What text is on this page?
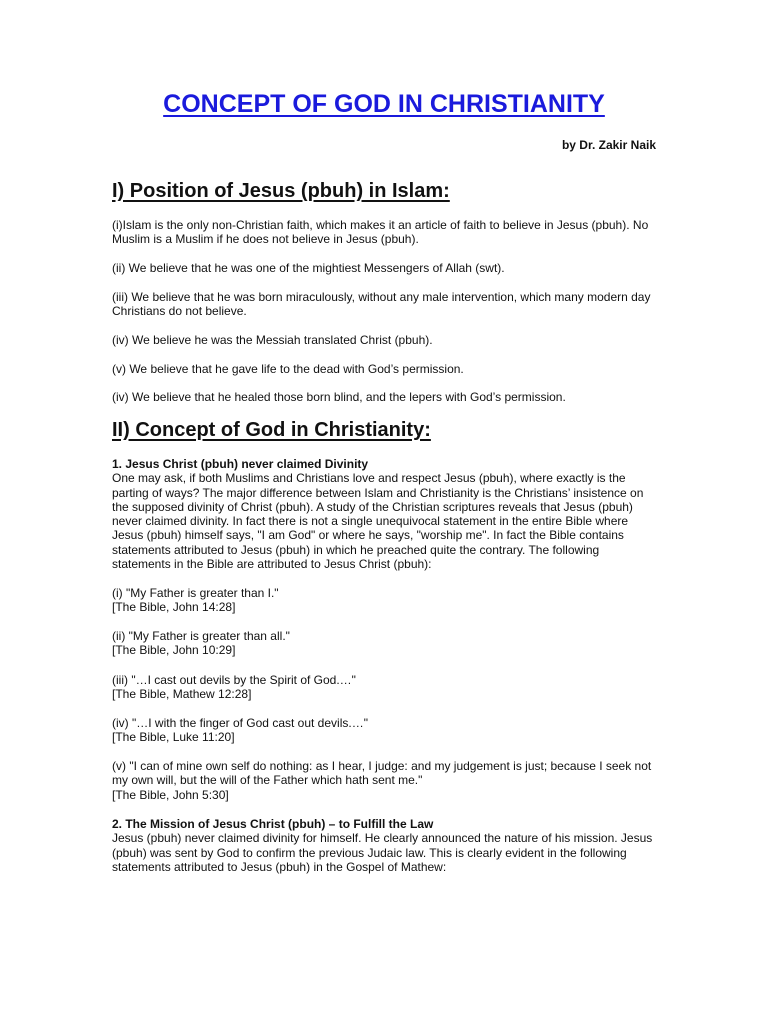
CONCEPT OF GOD IN CHRISTIANITY

by Dr. Zakir Naik

I) Position of Jesus (pbuh) in Islam:

(i)Islam is the only non-Christian faith, which makes it an article of faith to believe in Jesus (pbuh). No Muslim is a Muslim if he does not believe in Jesus (pbuh).

(ii) We believe that he was one of the mightiest Messengers of Allah (swt).

(iii) We believe that he was born miraculously, without any male intervention, which many modern day Christians do not believe.

(iv) We believe he was the Messiah translated Christ (pbuh).

(v) We believe that he gave life to the dead with God’s permission.

(iv) We believe that he healed those born blind, and the lepers with God’s permission.

II) Concept of God in Christianity:
1. Jesus Christ (pbuh) never claimed Divinity
One may ask, if both Muslims and Christians love and respect Jesus (pbuh), where exactly is the parting of ways? The major difference between Islam and Christianity is the Christians’ insistence on the supposed divinity of Christ (pbuh). A study of the Christian scriptures reveals that Jesus (pbuh) never claimed divinity. In fact there is not a single unequivocal statement in the entire Bible where Jesus (pbuh) himself says, "I am God" or where he says, "worship me". In fact the Bible contains statements attributed to Jesus (pbuh) in which he preached quite the contrary. The following statements in the Bible are attributed to Jesus Christ (pbuh):
(i) "My Father is greater than I."
[The Bible, John 14:28]
(ii) "My Father is greater than all."
[The Bible, John 10:29]
(iii) "…I cast out devils by the Spirit of God.…"
[The Bible, Mathew 12:28]
(iv) "…I with the finger of God cast out devils.…"
[The Bible, Luke 11:20]
(v) "I can of mine own self do nothing: as I hear, I judge: and my judgement is just; because I seek not my own will, but the will of the Father which hath sent me."
[The Bible, John 5:30]
2. The Mission of Jesus Christ (pbuh) – to Fulfill the Law
Jesus (pbuh) never claimed divinity for himself. He clearly announced the nature of his mission. Jesus (pbuh) was sent by God to confirm the previous Judaic law. This is clearly evident in the following statements attributed to Jesus (pbuh) in the Gospel of Mathew:
